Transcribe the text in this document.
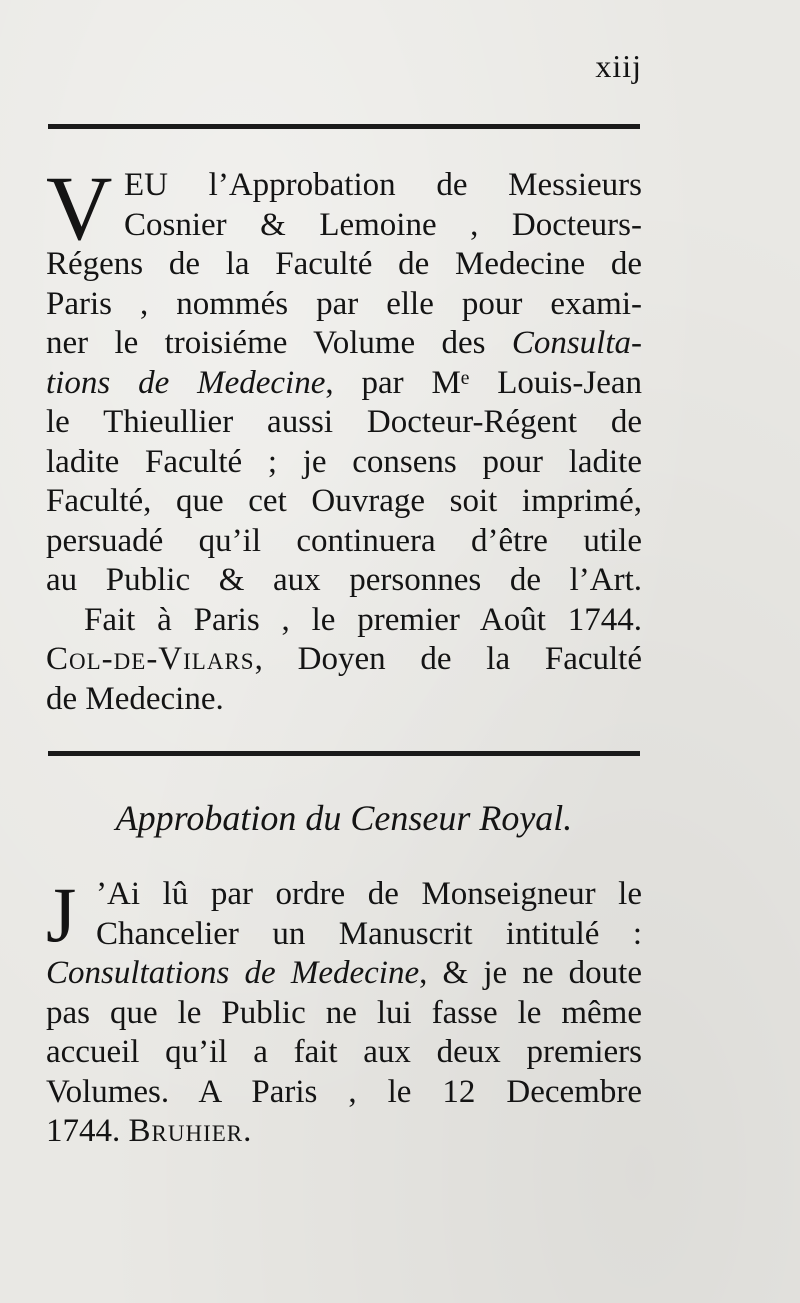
xiij
V EU l’Approbation de Messieurs
Cosnier & Lemoine , Docteurs-
Régens de la Faculté de Medecine de
Paris , nommés par elle pour exami-
ner le troisiéme Volume des Consulta-
tions de Medecine, par Mᵉ Louis-Jean
le Thieullier aussi Docteur-Régent de
ladite Faculté ; je consens pour ladite
Faculté, que cet Ouvrage soit imprimé,
persuadé qu’il continuera d’être utile
au Public & aux personnes de l’Art.
Fait à Paris , le premier Août 1744.
Col-de-Vilars, Doyen de la Faculté
de Medecine.
Approbation du Censeur Royal.
J ’Ai lû par ordre de Monseigneur le
Chancelier un Manuscrit intitulé :
Consultations de Medecine, & je ne doute
pas que le Public ne lui fasse le même
accueil qu’il a fait aux deux premiers
Volumes. A Paris , le 12 Decembre
1744. Bruhier.
